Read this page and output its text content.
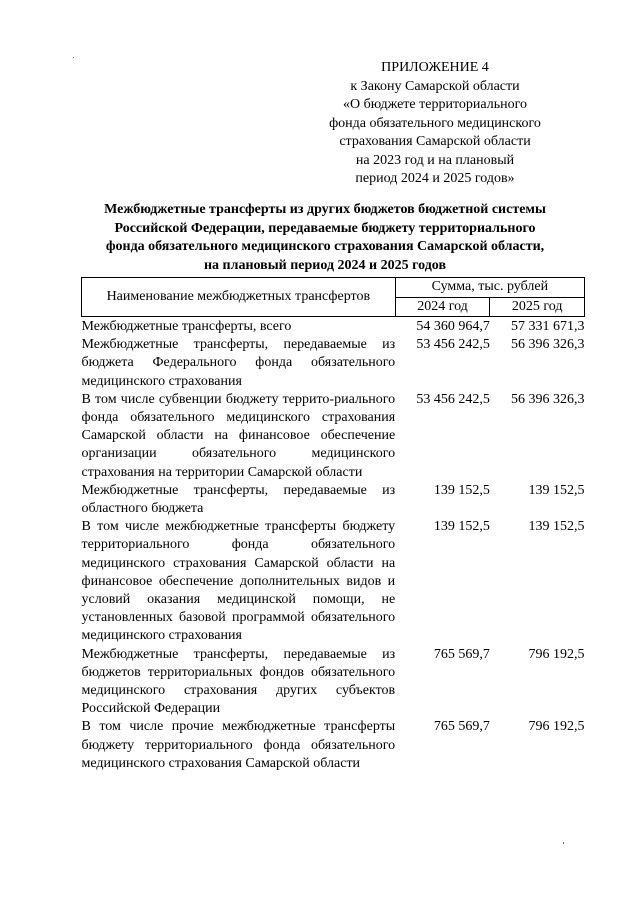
ПРИЛОЖЕНИЕ 4
к Закону Самарской области
«О бюджете территориального
фонда обязательного медицинского
страхования Самарской области
на 2023 год и на плановый
период 2024 и 2025 годов»
Межбюджетные трансферты из других бюджетов бюджетной системы
Российской Федерации, передаваемые бюджету территориального
фонда обязательного медицинского страхования Самарской области,
на плановый период 2024 и 2025 годов
Наименование межбюджетных трансфертов	Сумма, тыс. рублей	
	2024 год	2025 год
Межбюджетные трансферты, всего	54 360 964,7	57 331 671,3
Межбюджетные трансферты, передаваемые из бюджета Федерального фонда обязательного медицинского страхования	53 456 242,5	56 396 326,3
В том числе субвенции бюджету террито-риального фонда обязательного медицинского страхования Самарской области на финансовое обеспечение организации обязательного медицинского страхования на территории Самарской области	53 456 242,5	56 396 326,3
Межбюджетные трансферты, передаваемые из областного бюджета	139 152,5	139 152,5
В том числе межбюджетные трансферты бюджету территориального фонда обязательного медицинского страхования Самарской области на финансовое обеспечение дополнительных видов и условий оказания медицинской помощи, не установленных базовой программой обязательного медицинского страхования	139 152,5	139 152,5
Межбюджетные трансферты, передаваемые из бюджетов территориальных фондов обязательного медицинского страхования других субъектов Российской Федерации	765 569,7	796 192,5
В том числе прочие межбюджетные трансферты бюджету территориального фонда обязательного медицинского страхования Самарской области	765 569,7	796 192,5
